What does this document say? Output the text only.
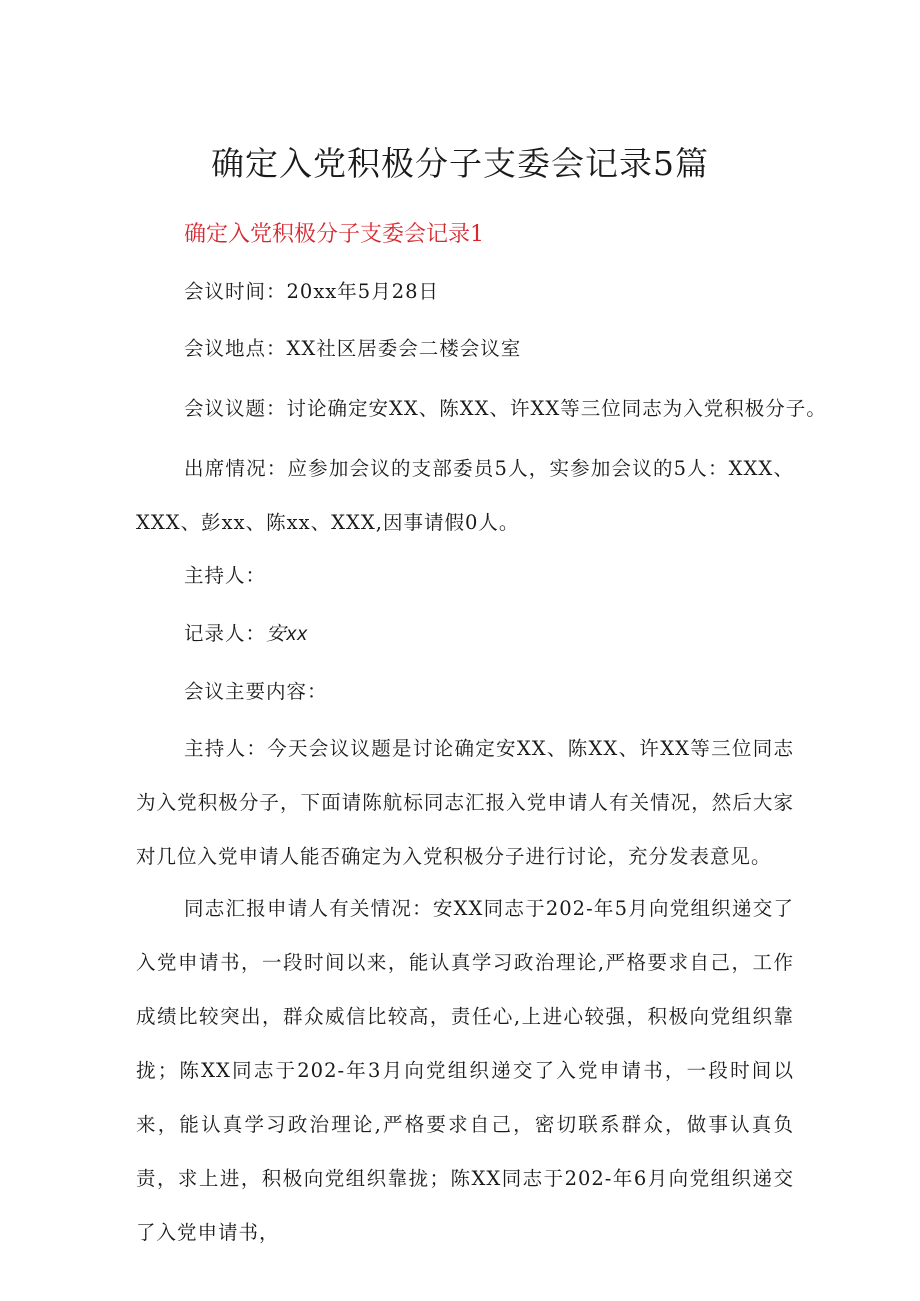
确定入党积极分子支委会记录5篇
确定入党积极分子支委会记录1

会议时间：20xx年5月28日

会议地点：XX社区居委会二楼会议室

会议议题：讨论确定安XX、陈XX、许XX等三位同志为入党积极分子。

出席情况：应参加会议的支部委员5人，实参加会议的5人：XXX、XXX、彭xx、陈xx、XXX,因事请假0人。

主持人：

记录人：安xx

会议主要内容：

主持人：今天会议议题是讨论确定安XX、陈XX、许XX等三位同志为入党积极分子，下面请陈航标同志汇报入党申请人有关情况，然后大家对几位入党申请人能否确定为入党积极分子进行讨论，充分发表意见。

同志汇报申请人有关情况：安XX同志于202-年5月向党组织递交了入党申请书，一段时间以来，能认真学习政治理论,严格要求自己，工作成绩比较突出，群众威信比较高，责任心,上进心较强，积极向党组织靠拢；陈XX同志于202-年3月向党组织递交了入党申请书，一段时间以来，能认真学习政治理论,严格要求自己，密切联系群众，做事认真负责，求上进，积极向党组织靠拢；陈XX同志于202-年6月向党组织递交了入党申请书，
